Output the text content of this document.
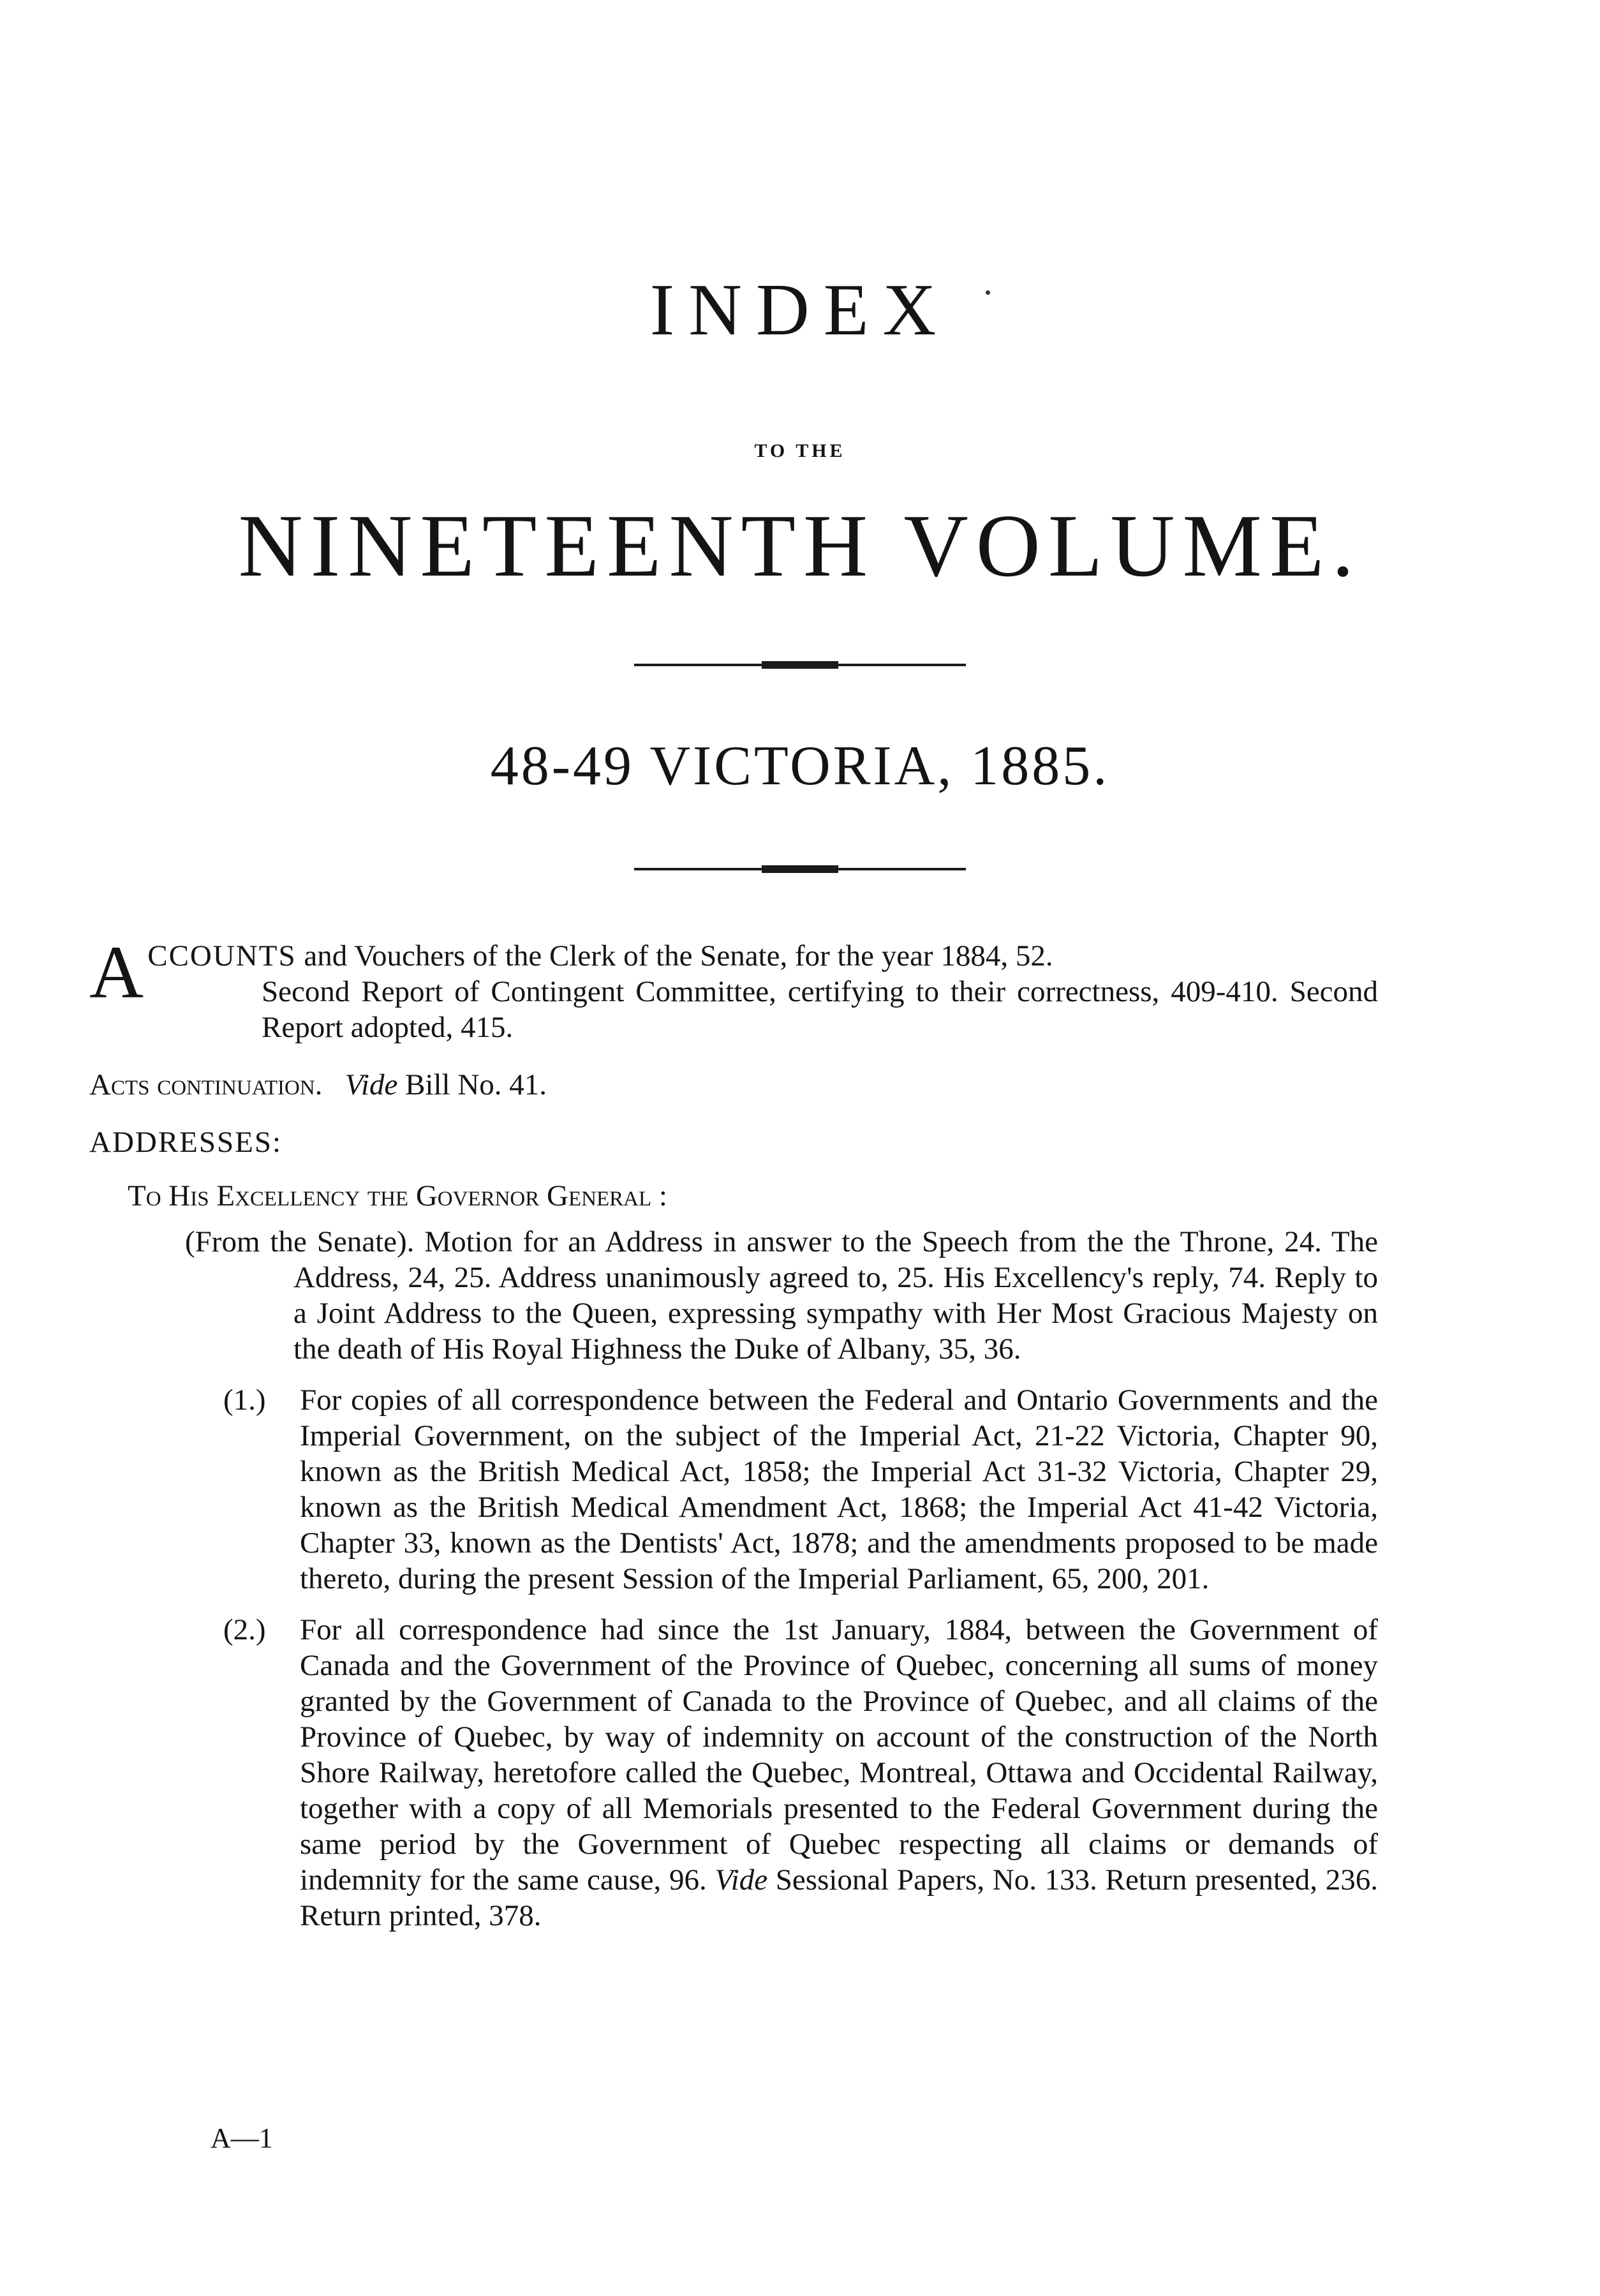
INDEX
TO THE
NINETEENTH VOLUME.
48-49 VICTORIA, 1885.
A CCOUNTS and Vouchers of the Clerk of the Senate, for the year 1884, 52.
Second Report of Contingent Committee, certifying to their correctness, 409-410. Second Report adopted, 415.
Acts continuation. Vide Bill No. 41.
ADDRESSES:
To His Excellency the Governor General :
(From the Senate). Motion for an Address in answer to the Speech from the the Throne, 24. The Address, 24, 25. Address unanimously agreed to, 25. His Excellency's reply, 74. Reply to a Joint Address to the Queen, expressing sympathy with Her Most Gracious Majesty on the death of His Royal Highness the Duke of Albany, 35, 36.
(1.) For copies of all correspondence between the Federal and Ontario Governments and the Imperial Government, on the subject of the Imperial Act, 21-22 Victoria, Chapter 90, known as the British Medical Act, 1858; the Imperial Act 31-32 Victoria, Chapter 29, known as the British Medical Amendment Act, 1868; the Imperial Act 41-42 Victoria, Chapter 33, known as the Dentists' Act, 1878; and the amendments proposed to be made thereto, during the present Session of the Imperial Parliament, 65, 200, 201.
(2.) For all correspondence had since the 1st January, 1884, between the Government of Canada and the Government of the Province of Quebec, concerning all sums of money granted by the Government of Canada to the Province of Quebec, and all claims of the Province of Quebec, by way of indemnity on account of the construction of the North Shore Railway, heretofore called the Quebec, Montreal, Ottawa and Occidental Railway, together with a copy of all Memorials presented to the Federal Government during the same period by the Government of Quebec respecting all claims or demands of indemnity for the same cause, 96. Vide Sessional Papers, No. 133. Return presented, 236. Return printed, 378.
A—1
